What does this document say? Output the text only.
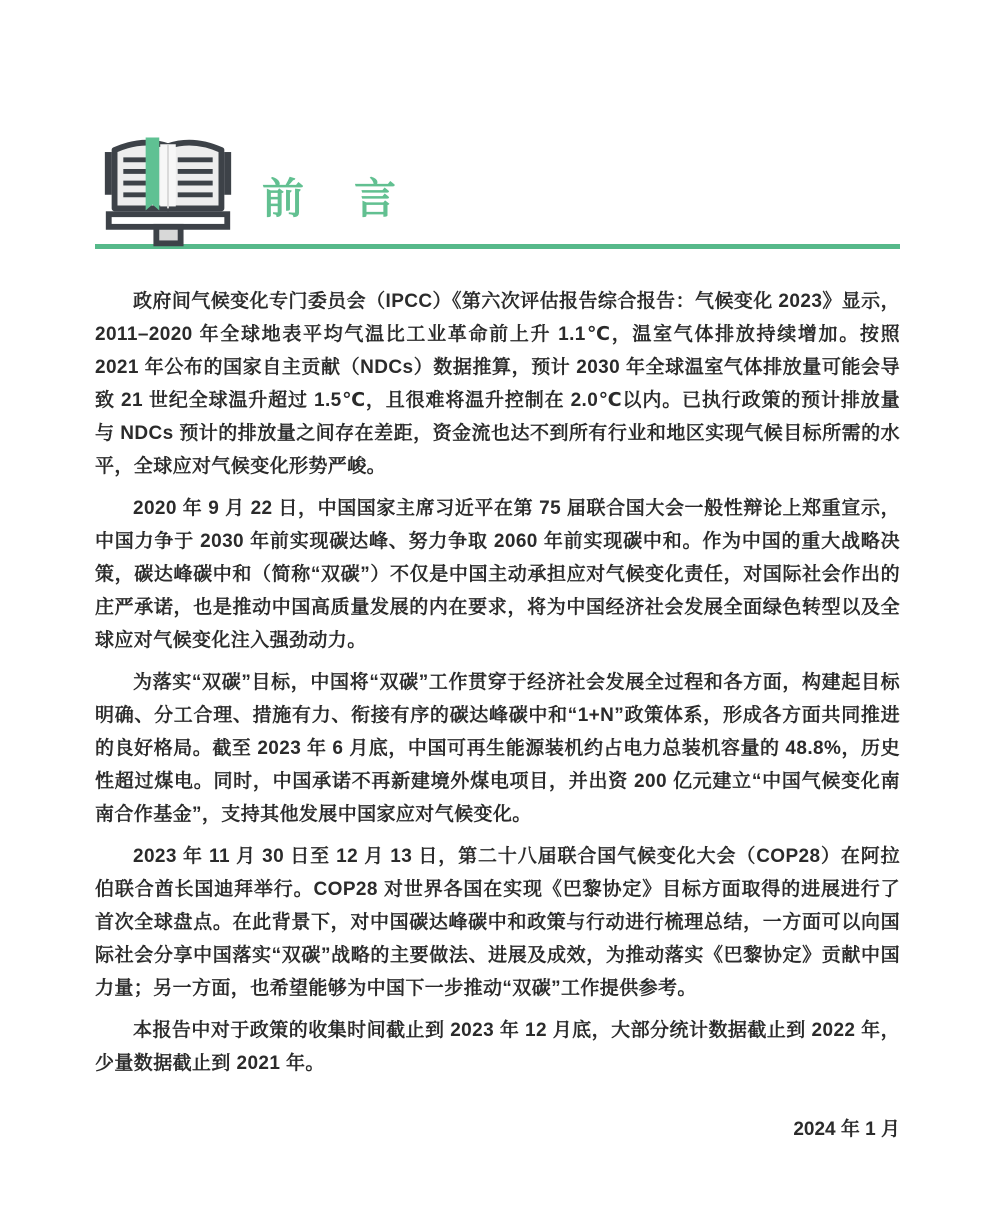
前　言

政府间气候变化专门委员会（IPCC）《第六次评估报告综合报告：气候变化 2023》显示，2011–2020 年全球地表平均气温比工业革命前上升 1.1℃，温室气体排放持续增加。按照 2021 年公布的国家自主贡献（NDCs）数据推算，预计 2030 年全球温室气体排放量可能会导致 21 世纪全球温升超过 1.5℃，且很难将温升控制在 2.0℃以内。已执行政策的预计排放量与 NDCs 预计的排放量之间存在差距，资金流也达不到所有行业和地区实现气候目标所需的水平，全球应对气候变化形势严峻。

2020 年 9 月 22 日，中国国家主席习近平在第 75 届联合国大会一般性辩论上郑重宣示，中国力争于 2030 年前实现碳达峰、努力争取 2060 年前实现碳中和。作为中国的重大战略决策，碳达峰碳中和（简称“双碳”）不仅是中国主动承担应对气候变化责任，对国际社会作出的庄严承诺，也是推动中国高质量发展的内在要求，将为中国经济社会发展全面绿色转型以及全球应对气候变化注入强劲动力。

为落实“双碳”目标，中国将“双碳”工作贯穿于经济社会发展全过程和各方面，构建起目标明确、分工合理、措施有力、衔接有序的碳达峰碳中和“1+N”政策体系，形成各方面共同推进的良好格局。截至 2023 年 6 月底，中国可再生能源装机约占电力总装机容量的 48.8%，历史性超过煤电。同时，中国承诺不再新建境外煤电项目，并出资 200 亿元建立“中国气候变化南南合作基金”，支持其他发展中国家应对气候变化。

2023 年 11 月 30 日至 12 月 13 日，第二十八届联合国气候变化大会（COP28）在阿拉伯联合酋长国迪拜举行。COP28 对世界各国在实现《巴黎协定》目标方面取得的进展进行了首次全球盘点。在此背景下，对中国碳达峰碳中和政策与行动进行梳理总结，一方面可以向国际社会分享中国落实“双碳”战略的主要做法、进展及成效，为推动落实《巴黎协定》贡献中国力量；另一方面，也希望能够为中国下一步推动“双碳”工作提供参考。

本报告中对于政策的收集时间截止到 2023 年 12 月底，大部分统计数据截止到 2022 年，少量数据截止到 2021 年。

2024 年 1 月
